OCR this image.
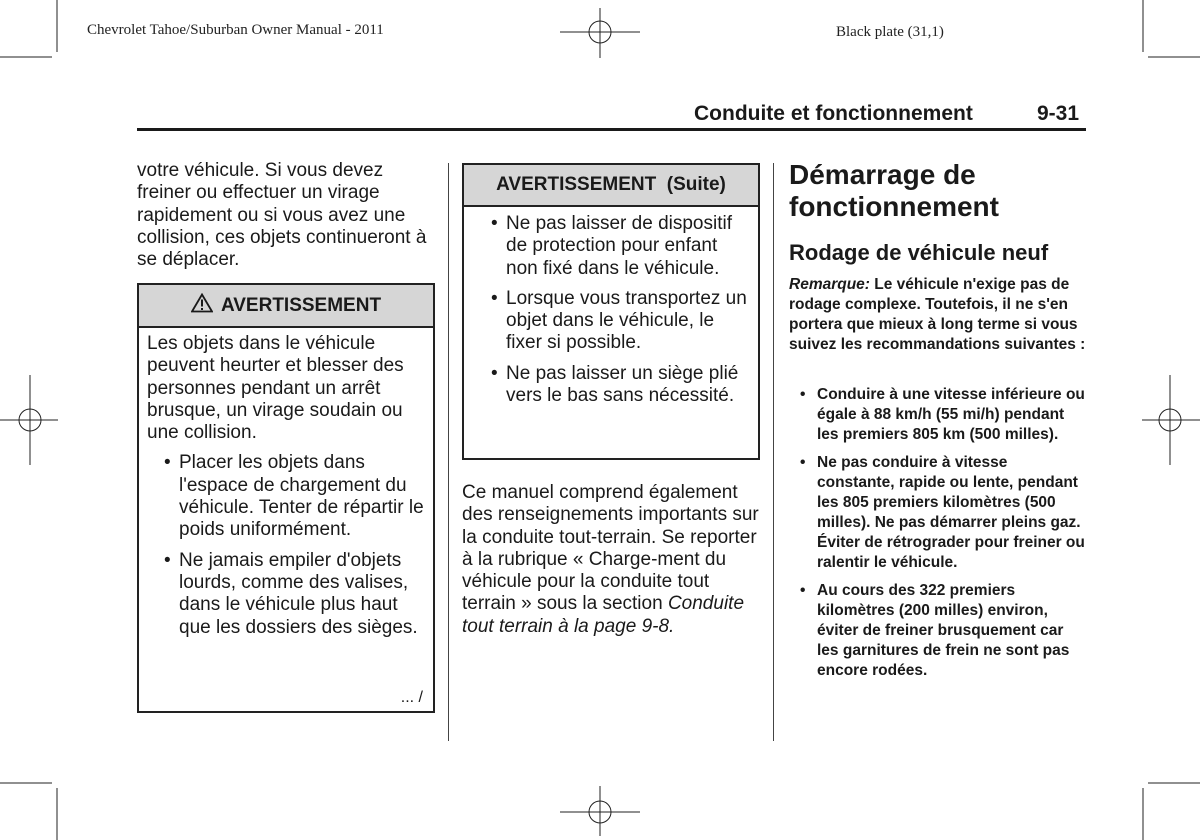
Chevrolet Tahoe/Suburban Owner Manual - 2011	Black plate (31,1)
Conduite et fonctionnement	9-31
votre véhicule. Si vous devez freiner ou effectuer un virage rapidement ou si vous avez une collision, ces objets continueront à se déplacer.
AVERTISSEMENT
Les objets dans le véhicule peuvent heurter et blesser des personnes pendant un arrêt brusque, un virage soudain ou une collision.
• Placer les objets dans l'espace de chargement du véhicule. Tenter de répartir le poids uniformément.
• Ne jamais empiler d'objets lourds, comme des valises, dans le véhicule plus haut que les dossiers des sièges.
... /
AVERTISSEMENT  (Suite)
• Ne pas laisser de dispositif de protection pour enfant non fixé dans le véhicule.
• Lorsque vous transportez un objet dans le véhicule, le fixer si possible.
• Ne pas laisser un siège plié vers le bas sans nécessité.
Ce manuel comprend également des renseignements importants sur la conduite tout-terrain. Se reporter à la rubrique « Charge-ment du véhicule pour la conduite tout terrain » sous la section Conduite tout terrain à la page 9‑8.
Démarrage de fonctionnement
Rodage de véhicule neuf
Remarque: Le véhicule n'exige pas de rodage complexe. Toutefois, il ne s'en portera que mieux à long terme si vous suivez les recommandations suivantes :
• Conduire à une vitesse inférieure ou égale à 88 km/h (55 mi/h) pendant les premiers 805 km (500 milles).
• Ne pas conduire à vitesse constante, rapide ou lente, pendant les 805 premiers kilomètres (500 milles). Ne pas démarrer pleins gaz. Éviter de rétrograder pour freiner ou ralentir le véhicule.
• Au cours des 322 premiers kilomètres (200 milles) environ, éviter de freiner brusquement car les garnitures de frein ne sont pas encore rodées.
